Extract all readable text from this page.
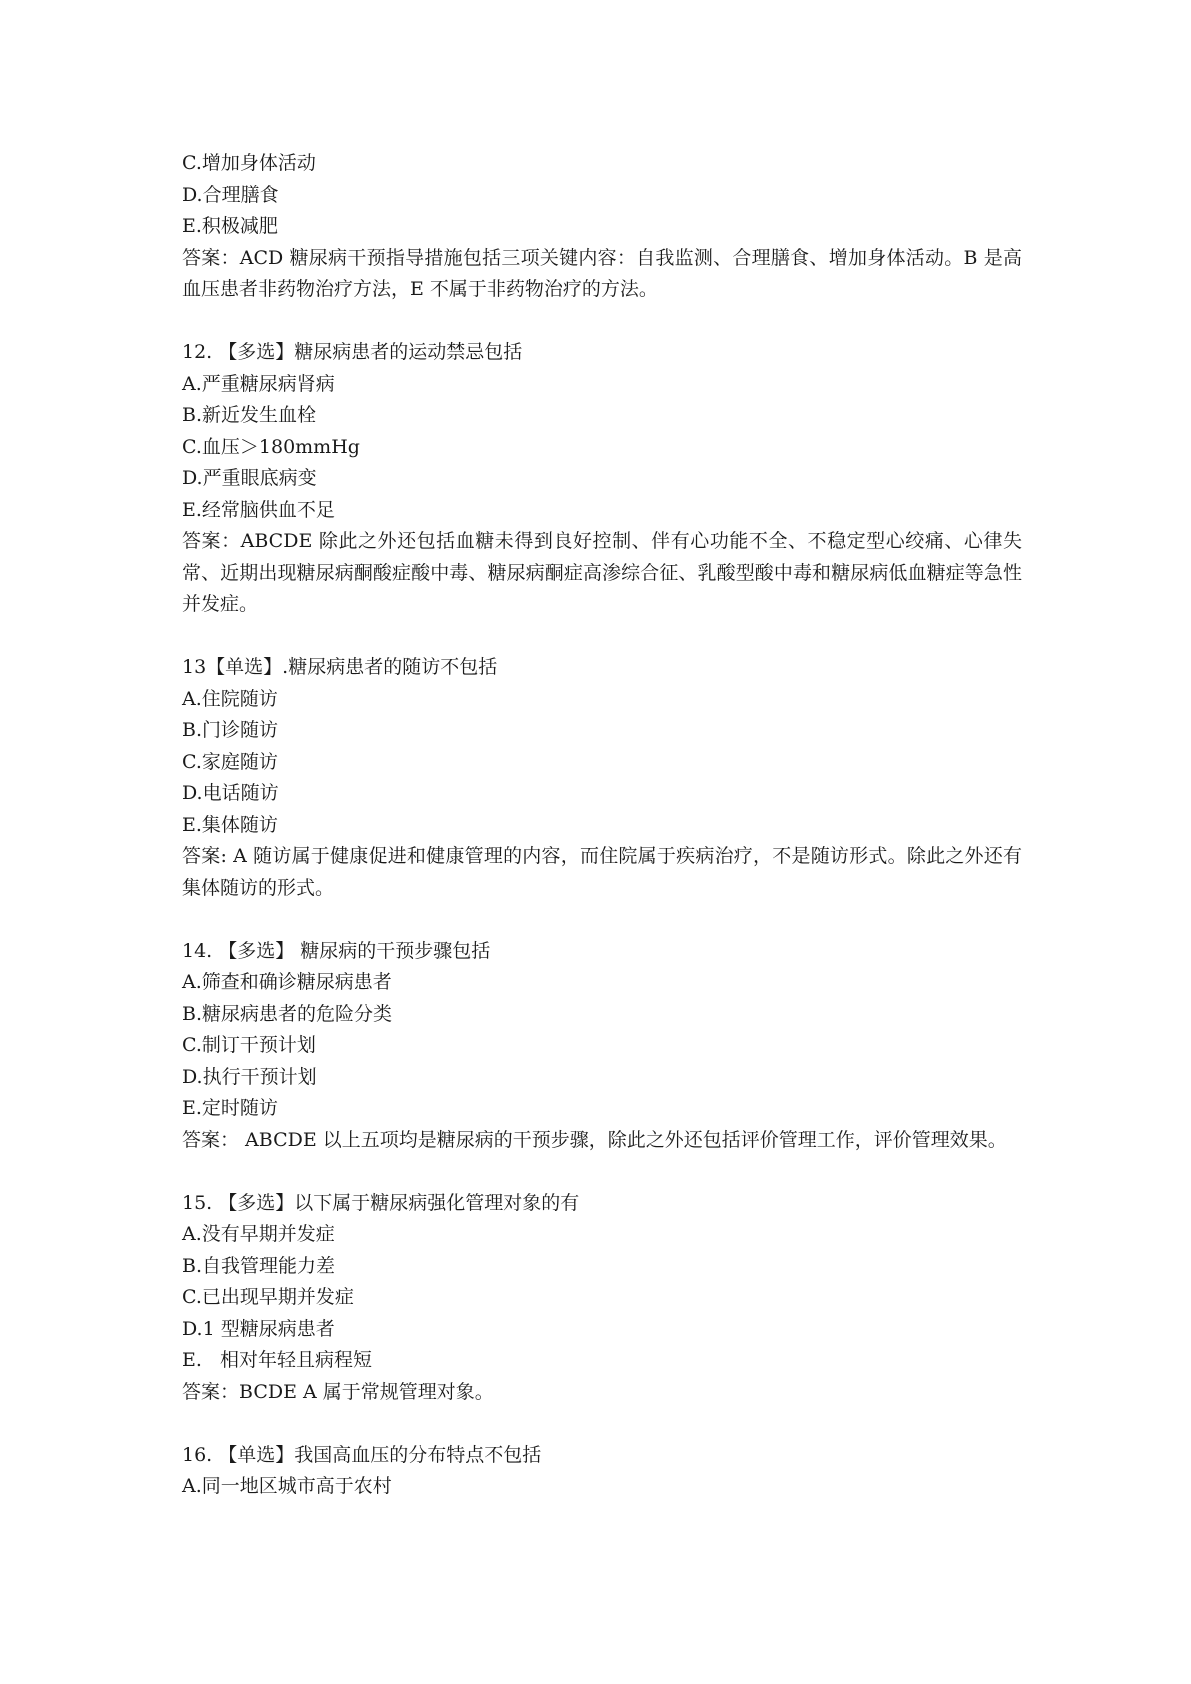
C.增加身体活动

D.合理膳食

E.积极减肥

答案：ACD 糖尿病干预指导措施包括三项关键内容：自我监测、合理膳食、增加身体活动。B 是高血压患者非药物治疗方法，E 不属于非药物治疗的方法。

12. 【多选】糖尿病患者的运动禁忌包括

A.严重糖尿病肾病

B.新近发生血栓

C.血压＞180mmHg

D.严重眼底病变

E.经常脑供血不足

答案：ABCDE 除此之外还包括血糖未得到良好控制、伴有心功能不全、不稳定型心绞痛、心律失常、近期出现糖尿病酮酸症酸中毒、糖尿病酮症高渗综合征、乳酸型酸中毒和糖尿病低血糖症等急性并发症。

13【单选】.糖尿病患者的随访不包括

A.住院随访

B.门诊随访

C.家庭随访

D.电话随访

E.集体随访

答案: A 随访属于健康促进和健康管理的内容，而住院属于疾病治疗，不是随访形式。除此之外还有集体随访的形式。

14. 【多选】 糖尿病的干预步骤包括

A.筛查和确诊糖尿病患者

B.糖尿病患者的危险分类

C.制订干预计划

D.执行干预计划

E.定时随访

答案： ABCDE 以上五项均是糖尿病的干预步骤，除此之外还包括评价管理工作，评价管理效果。

15. 【多选】以下属于糖尿病强化管理对象的有

A.没有早期并发症

B.自我管理能力差

C.已出现早期并发症

D.1 型糖尿病患者

E.   相对年轻且病程短

答案：BCDE A 属于常规管理对象。

16. 【单选】我国高血压的分布特点不包括

A.同一地区城市高于农村
